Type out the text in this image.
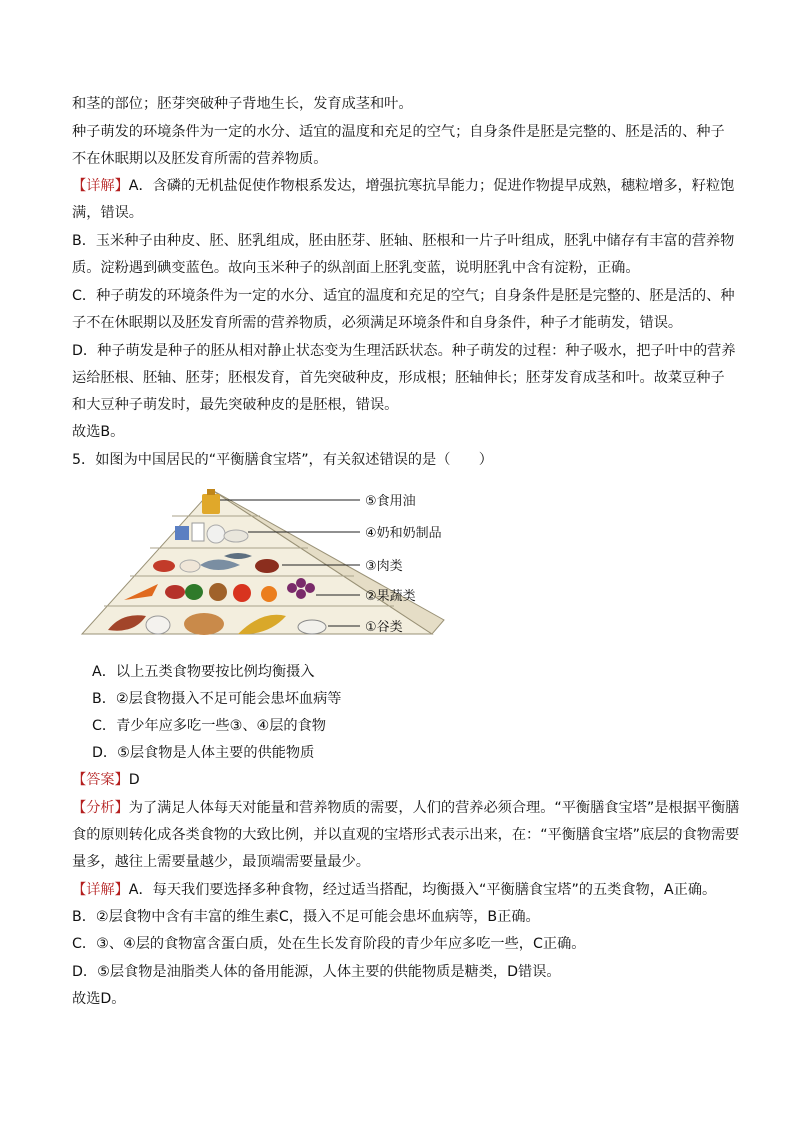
和茎的部位；胚芽突破种子背地生长，发育成茎和叶。
种子萌发的环境条件为一定的水分、适宜的温度和充足的空气；自身条件是胚是完整的、胚是活的、种子
不在休眠期以及胚发育所需的营养物质。
【详解】A．含磷的无机盐促使作物根系发达，增强抗寒抗旱能力；促进作物提早成熟，穗粒增多，籽粒饱
满，错误。
B．玉米种子由种皮、胚、胚乳组成，胚由胚芽、胚轴、胚根和一片子叶组成，胚乳中储存有丰富的营养物
质。淀粉遇到碘变蓝色。故向玉米种子的纵剖面上胚乳变蓝，说明胚乳中含有淀粉，正确。
C．种子萌发的环境条件为一定的水分、适宜的温度和充足的空气；自身条件是胚是完整的、胚是活的、种
子不在休眠期以及胚发育所需的营养物质，必须满足环境条件和自身条件，种子才能萌发，错误。
D．种子萌发是种子的胚从相对静止状态变为生理活跃状态。种子萌发的过程：种子吸水，把子叶中的营养
运给胚根、胚轴、胚芽；胚根发育，首先突破种皮，形成根；胚轴伸长；胚芽发育成茎和叶。故菜豆种子
和大豆种子萌发时，最先突破种皮的是胚根，错误。
故选B。
5．如图为中国居民的“平衡膳食宝塔”，有关叙述错误的是（　　）
⑤食用油
④奶和奶制品
③肉类
②果蔬类
①谷类
A．以上五类食物要按比例均衡摄入
B．②层食物摄入不足可能会患坏血病等
C．青少年应多吃一些③、④层的食物
D．⑤层食物是人体主要的供能物质
【答案】D
【分析】为了满足人体每天对能量和营养物质的需要，人们的营养必须合理。“平衡膳食宝塔”是根据平衡膳
食的原则转化成各类食物的大致比例，并以直观的宝塔形式表示出来，在：“平衡膳食宝塔”底层的食物需要
量多，越往上需要量越少，最顶端需要量最少。
【详解】A．每天我们要选择多种食物，经过适当搭配，均衡摄入“平衡膳食宝塔”的五类食物，A正确。
B．②层食物中含有丰富的维生素C，摄入不足可能会患坏血病等，B正确。
C．③、④层的食物富含蛋白质，处在生长发育阶段的青少年应多吃一些，C正确。
D．⑤层食物是油脂类人体的备用能源，人体主要的供能物质是糖类，D错误。
故选D。
